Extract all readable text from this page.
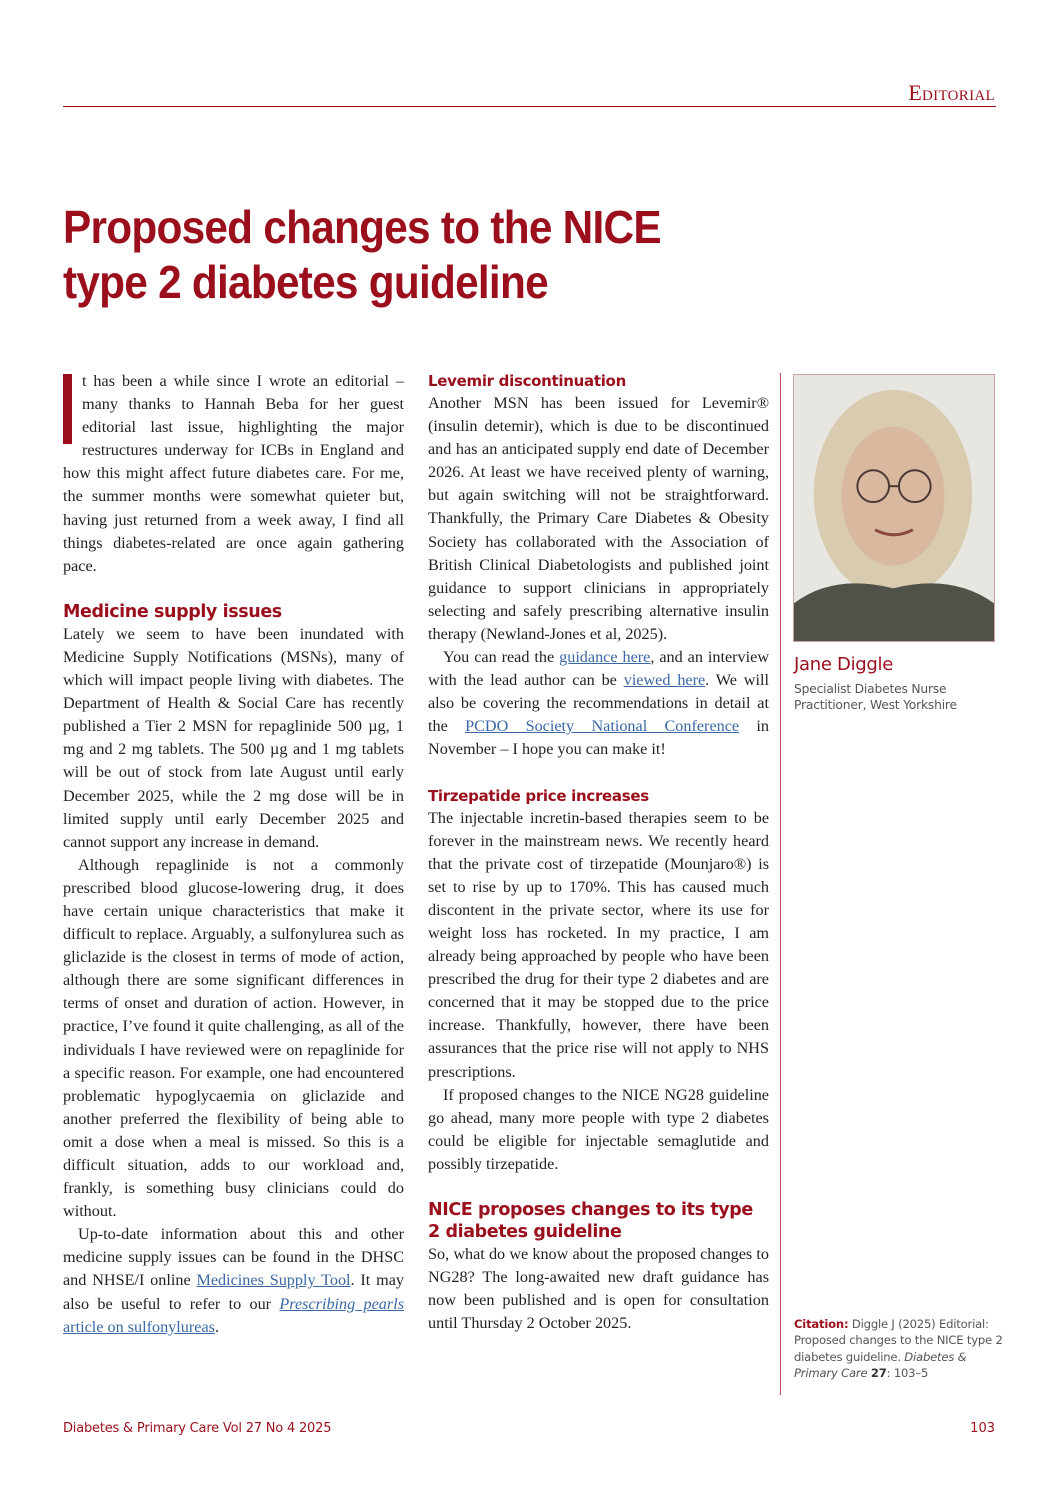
Editorial
Proposed changes to the NICE type 2 diabetes guideline

t has been a while since I wrote an editorial – many thanks to Hannah Beba for her guest editorial last issue, highlighting the major restructures underway for ICBs in England and how this might affect future diabetes care. For me, the summer months were somewhat quieter but, having just returned from a week away, I find all things diabetes-related are once again gathering pace.

Medicine supply issues

Lately we seem to have been inundated with Medicine Supply Notifications (MSNs), many of which will impact people living with diabetes. The Department of Health & Social Care has recently published a Tier 2 MSN for repaglinide 500 µg, 1 mg and 2 mg tablets. The 500 µg and 1 mg tablets will be out of stock from late August until early December 2025, while the 2 mg dose will be in limited supply until early December 2025 and cannot support any increase in demand.

Although repaglinide is not a commonly prescribed blood glucose-lowering drug, it does have certain unique characteristics that make it difficult to replace. Arguably, a sulfonylurea such as gliclazide is the closest in terms of mode of action, although there are some significant differences in terms of onset and duration of action. However, in practice, I’ve found it quite challenging, as all of the individuals I have reviewed were on repaglinide for a specific reason. For example, one had encountered problematic hypoglycaemia on gliclazide and another preferred the flexibility of being able to omit a dose when a meal is missed. So this is a difficult situation, adds to our workload and, frankly, is something busy clinicians could do without.

Up-to-date information about this and other medicine supply issues can be found in the DHSC and NHSE/I online Medicines Supply Tool. It may also be useful to refer to our Prescribing pearls article on sulfonylureas.

Levemir discontinuation

Another MSN has been issued for Levemir® (insulin detemir), which is due to be discontinued and has an anticipated supply end date of December 2026. At least we have received plenty of warning, but again switching will not be straightforward. Thankfully, the Primary Care Diabetes & Obesity Society has collaborated with the Association of British Clinical Diabetologists and published joint guidance to support clinicians in appropriately selecting and safely prescribing alternative insulin therapy (Newland-Jones et al, 2025).

You can read the guidance here, and an interview with the lead author can be viewed here. We will also be covering the recommendations in detail at the PCDO Society National Conference in November – I hope you can make it!

Tirzepatide price increases

The injectable incretin-based therapies seem to be forever in the mainstream news. We recently heard that the private cost of tirzepatide (Mounjaro®) is set to rise by up to 170%. This has caused much discontent in the private sector, where its use for weight loss has rocketed. In my practice, I am already being approached by people who have been prescribed the drug for their type 2 diabetes and are concerned that it may be stopped due to the price increase. Thankfully, however, there have been assurances that the price rise will not apply to NHS prescriptions.

If proposed changes to the NICE NG28 guideline go ahead, many more people with type 2 diabetes could be eligible for injectable semaglutide and possibly tirzepatide.

NICE proposes changes to its type 2 diabetes guideline

So, what do we know about the proposed changes to NG28? The long-awaited new draft guidance has now been published and is open for consultation until Thursday 2 October 2025.

Jane Diggle
Specialist Diabetes Nurse Practitioner, West Yorkshire
Citation: Diggle J (2025) Editorial: Proposed changes to the NICE type 2 diabetes guideline. Diabetes & Primary Care 27: 103–5
Diabetes & Primary Care Vol 27 No 4 2025	103
